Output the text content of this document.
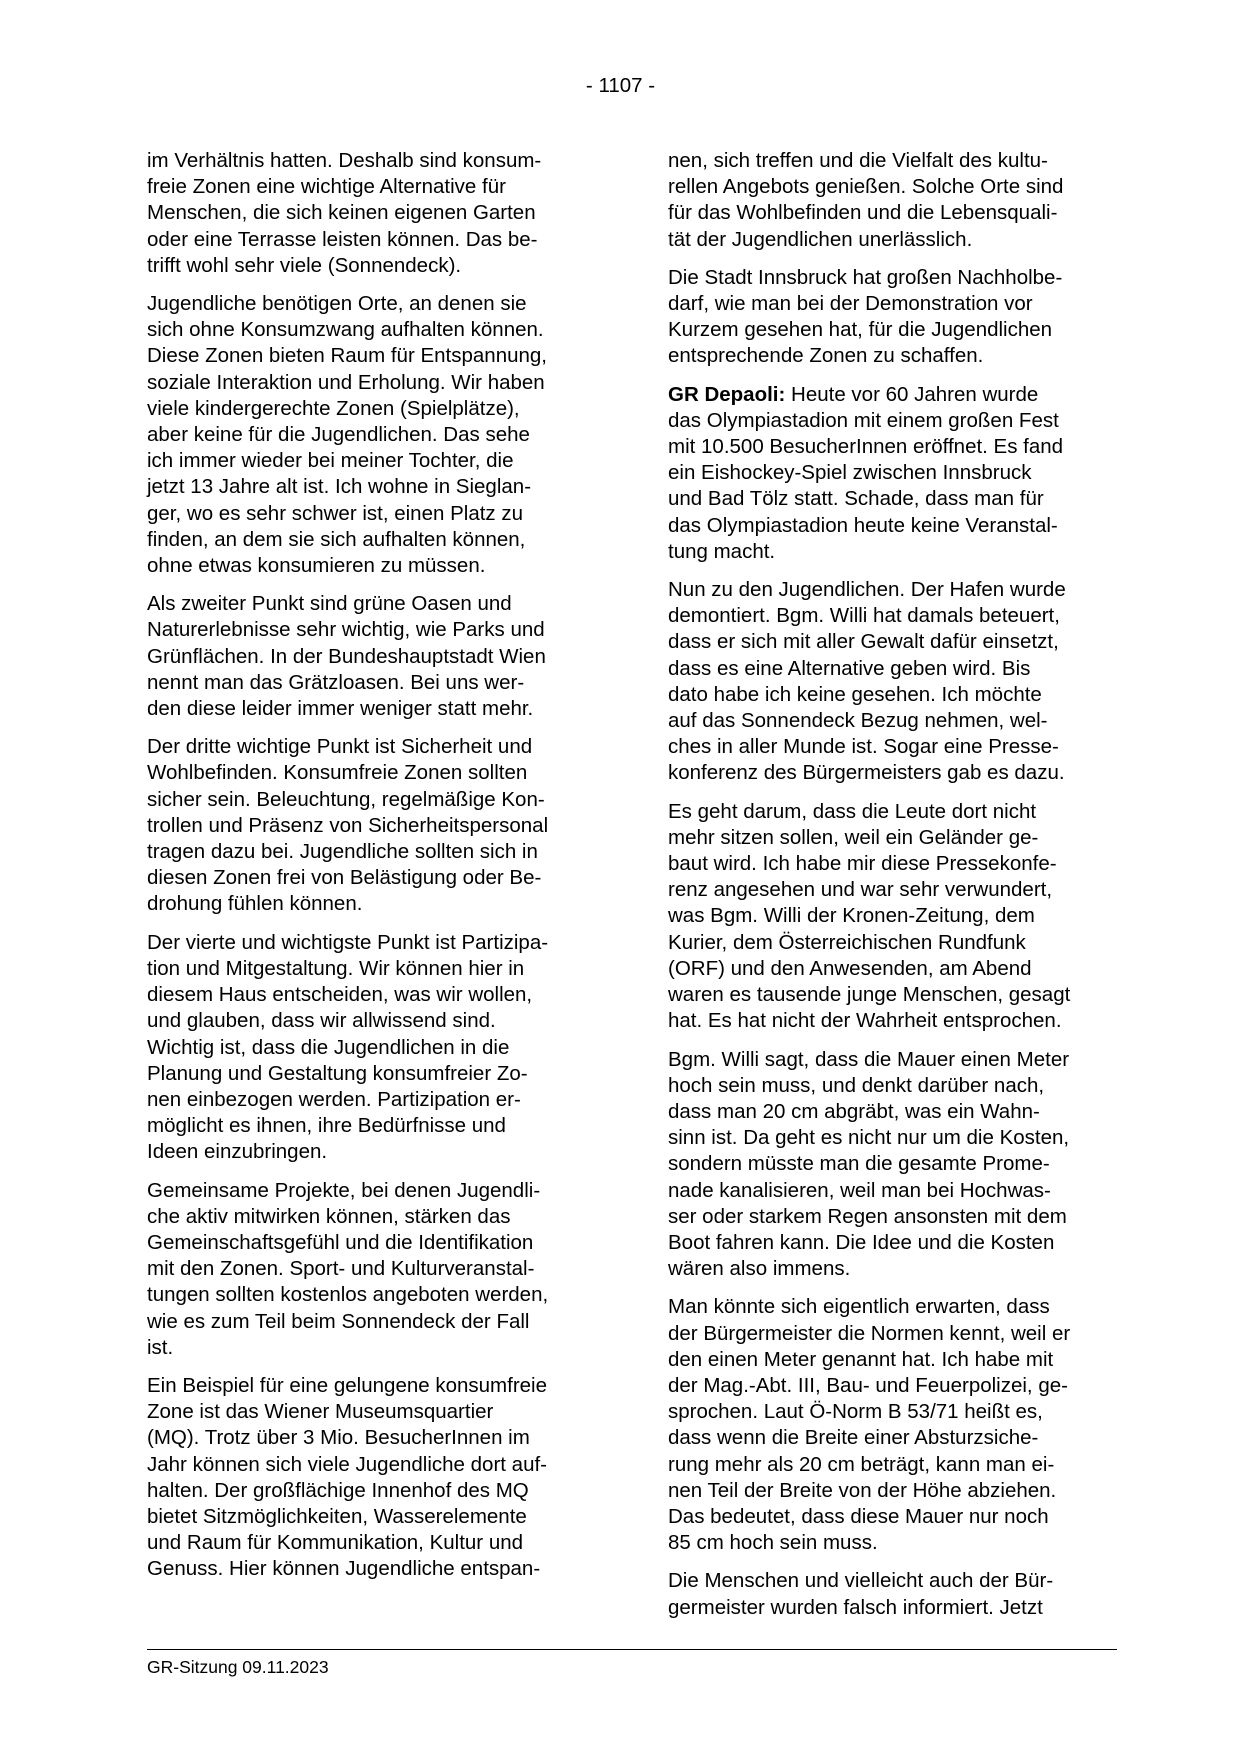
- 1107 -

im Verhältnis hatten. Deshalb sind konsum-
freie Zonen eine wichtige Alternative für
Menschen, die sich keinen eigenen Garten
oder eine Terrasse leisten können. Das be-
trifft wohl sehr viele (Sonnendeck).

Jugendliche benötigen Orte, an denen sie
sich ohne Konsumzwang aufhalten können.
Diese Zonen bieten Raum für Entspannung,
soziale Interaktion und Erholung. Wir haben
viele kindergerechte Zonen (Spielplätze),
aber keine für die Jugendlichen. Das sehe
ich immer wieder bei meiner Tochter, die
jetzt 13 Jahre alt ist. Ich wohne in Sieglan-
ger, wo es sehr schwer ist, einen Platz zu
finden, an dem sie sich aufhalten können,
ohne etwas konsumieren zu müssen.

Als zweiter Punkt sind grüne Oasen und
Naturerlebnisse sehr wichtig, wie Parks und
Grünflächen. In der Bundeshauptstadt Wien
nennt man das Grätzloasen. Bei uns wer-
den diese leider immer weniger statt mehr.

Der dritte wichtige Punkt ist Sicherheit und
Wohlbefinden. Konsumfreie Zonen sollten
sicher sein. Beleuchtung, regelmäßige Kon-
trollen und Präsenz von Sicherheitspersonal
tragen dazu bei. Jugendliche sollten sich in
diesen Zonen frei von Belästigung oder Be-
drohung fühlen können.

Der vierte und wichtigste Punkt ist Partizipa-
tion und Mitgestaltung. Wir können hier in
diesem Haus entscheiden, was wir wollen,
und glauben, dass wir allwissend sind.
Wichtig ist, dass die Jugendlichen in die
Planung und Gestaltung konsumfreier Zo-
nen einbezogen werden. Partizipation er-
möglicht es ihnen, ihre Bedürfnisse und
Ideen einzubringen.

Gemeinsame Projekte, bei denen Jugendli-
che aktiv mitwirken können, stärken das
Gemeinschaftsgefühl und die Identifikation
mit den Zonen. Sport- und Kulturveranstal-
tungen sollten kostenlos angeboten werden,
wie es zum Teil beim Sonnendeck der Fall
ist.

Ein Beispiel für eine gelungene konsumfreie
Zone ist das Wiener Museumsquartier
(MQ). Trotz über 3 Mio. BesucherInnen im
Jahr können sich viele Jugendliche dort auf-
halten. Der großflächige Innenhof des MQ
bietet Sitzmöglichkeiten, Wasserelemente
und Raum für Kommunikation, Kultur und
Genuss. Hier können Jugendliche entspan-

nen, sich treffen und die Vielfalt des kultu-
rellen Angebots genießen. Solche Orte sind
für das Wohlbefinden und die Lebensquali-
tät der Jugendlichen unerlässlich.

Die Stadt Innsbruck hat großen Nachholbe-
darf, wie man bei der Demonstration vor
Kurzem gesehen hat, für die Jugendlichen
entsprechende Zonen zu schaffen.

GR Depaoli: Heute vor 60 Jahren wurde
das Olympiastadion mit einem großen Fest
mit 10.500 BesucherInnen eröffnet. Es fand
ein Eishockey-Spiel zwischen Innsbruck
und Bad Tölz statt. Schade, dass man für
das Olympiastadion heute keine Veranstal-
tung macht.

Nun zu den Jugendlichen. Der Hafen wurde
demontiert. Bgm. Willi hat damals beteuert,
dass er sich mit aller Gewalt dafür einsetzt,
dass es eine Alternative geben wird. Bis
dato habe ich keine gesehen. Ich möchte
auf das Sonnendeck Bezug nehmen, wel-
ches in aller Munde ist. Sogar eine Presse-
konferenz des Bürgermeisters gab es dazu.

Es geht darum, dass die Leute dort nicht
mehr sitzen sollen, weil ein Geländer ge-
baut wird. Ich habe mir diese Pressekonfe-
renz angesehen und war sehr verwundert,
was Bgm. Willi der Kronen-Zeitung, dem
Kurier, dem Österreichischen Rundfunk
(ORF) und den Anwesenden, am Abend
waren es tausende junge Menschen, gesagt
hat. Es hat nicht der Wahrheit entsprochen.

Bgm. Willi sagt, dass die Mauer einen Meter
hoch sein muss, und denkt darüber nach,
dass man 20 cm abgräbt, was ein Wahn-
sinn ist. Da geht es nicht nur um die Kosten,
sondern müsste man die gesamte Prome-
nade kanalisieren, weil man bei Hochwas-
ser oder starkem Regen ansonsten mit dem
Boot fahren kann. Die Idee und die Kosten
wären also immens.

Man könnte sich eigentlich erwarten, dass
der Bürgermeister die Normen kennt, weil er
den einen Meter genannt hat. Ich habe mit
der Mag.-Abt. III, Bau- und Feuerpolizei, ge-
sprochen. Laut Ö-Norm B 53/71 heißt es,
dass wenn die Breite einer Absturzsiche-
rung mehr als 20 cm beträgt, kann man ei-
nen Teil der Breite von der Höhe abziehen.
Das bedeutet, dass diese Mauer nur noch
85 cm hoch sein muss.

Die Menschen und vielleicht auch der Bür-
germeister wurden falsch informiert. Jetzt

GR-Sitzung 09.11.2023
